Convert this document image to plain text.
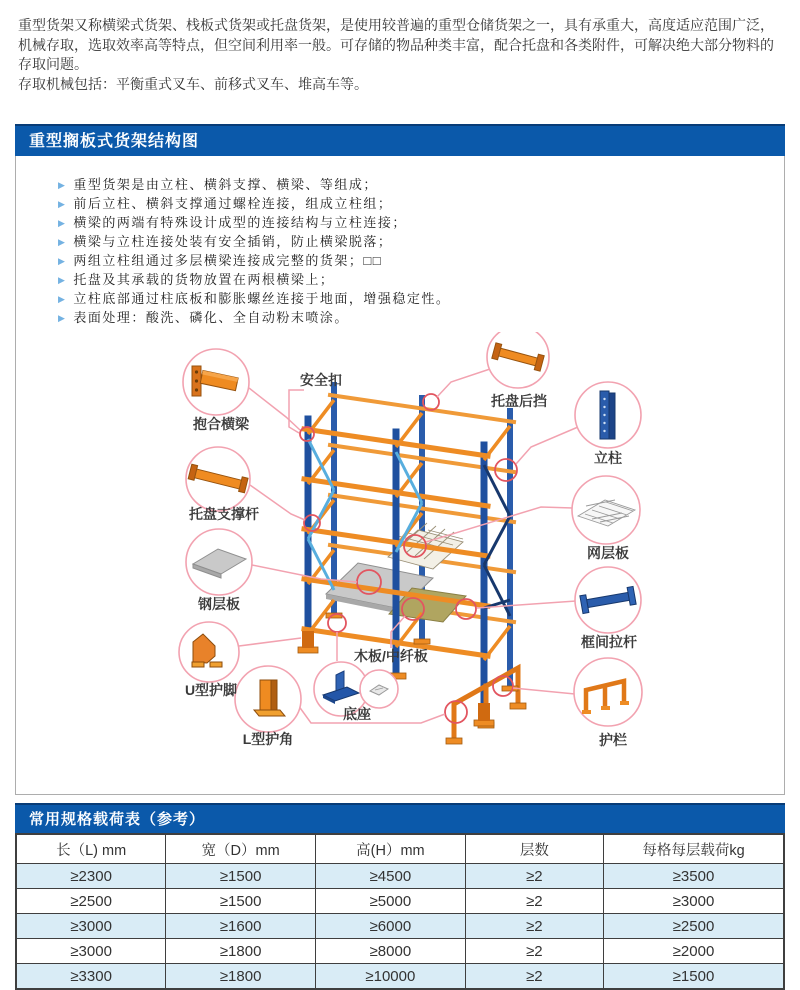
重型货架又称横梁式货架、栈板式货架或托盘货架，是使用较普遍的重型仓储货架之一，具有承重大，高度适应范围广泛，机械存取，选取效率高等特点，但空间利用率一般。可存储的物品种类丰富，配合托盘和各类附件，可解决绝大部分物料的存取问题。

存取机械包括：平衡重式叉车、前移式叉车、堆高车等。

重型搁板式货架结构图
▶ 重型货架是由立柱、横斜支撑、横梁、等组成；
▶ 前后立柱、横斜支撑通过螺栓连接，组成立柱组；
▶ 横梁的两端有特殊设计成型的连接结构与立柱连接；
▶ 横梁与立柱连接处装有安全插销，防止横梁脱落；
▶ 两组立柱组通过多层横梁连接成完整的货架；□□
▶ 托盘及其承载的货物放置在两根横梁上；
▶ 立柱底部通过柱底板和膨胀螺丝连接于地面，增强稳定性。
▶ 表面处理：酸洗、磷化、全自动粉末喷涂。
抱合横梁
托盘支撑杆
钢层板
U型护脚
L型护角
底座
木板/中纤板
安全扣
托盘后挡
立柱
网层板
框间拉杆
护栏
常用规格载荷表（参考）
长（L) mm	宽（D）mm	高(H）mm	层数	每格每层载荷kg
≥2300	≥1500	≥4500	≥2	≥3500
≥2500	≥1500	≥5000	≥2	≥3000
≥3000	≥1600	≥6000	≥2	≥2500
≥3000	≥1800	≥8000	≥2	≥2000
≥3300	≥1800	≥10000	≥2	≥1500
